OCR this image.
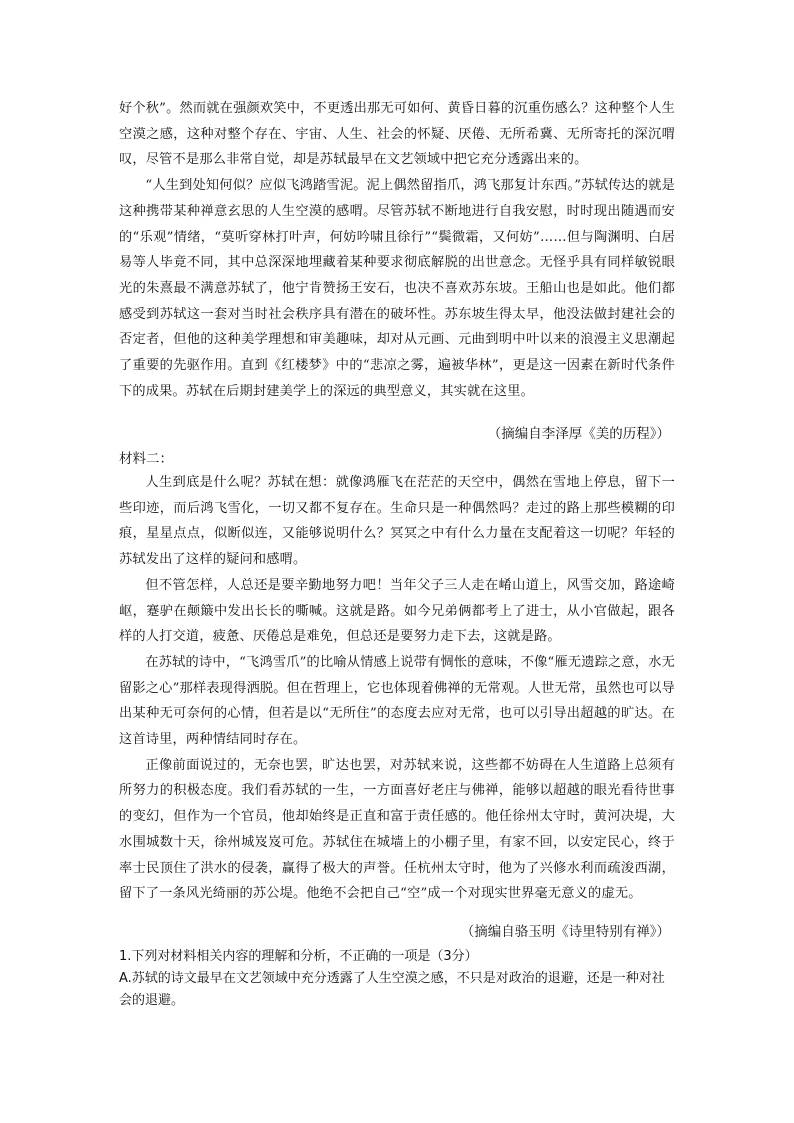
好个秋”。然而就在强颜欢笑中，不更透出那无可如何、黄昏日暮的沉重伤感么？这种整个人生空漠之感，这种对整个存在、宇宙、人生、社会的怀疑、厌倦、无所希冀、无所寄托的深沉喟叹，尽管不是那么非常自觉，却是苏轼最早在文艺领域中把它充分透露出来的。

“人生到处知何似？应似飞鸿踏雪泥。泥上偶然留指爪，鸿飞那复计东西。”苏轼传达的就是这种携带某种禅意玄思的人生空漠的感喟。尽管苏轼不断地进行自我安慰，时时现出随遇而安的“乐观”情绪，“莫听穿林打叶声，何妨吟啸且徐行”“鬓微霜，又何妨”……但与陶渊明、白居易等人毕竟不同，其中总深深地埋藏着某种要求彻底解脱的出世意念。无怪乎具有同样敏锐眼光的朱熹最不满意苏轼了，他宁肯赞扬王安石，也决不喜欢苏东坡。王船山也是如此。他们都感受到苏轼这一套对当时社会秩序具有潜在的破坏性。苏东坡生得太早，他没法做封建社会的否定者，但他的这种美学理想和审美趣味，却对从元画、元曲到明中叶以来的浪漫主义思潮起了重要的先驱作用。直到《红楼梦》中的“悲凉之雾，遍被华林”，更是这一因素在新时代条件下的成果。苏轼在后期封建美学上的深远的典型意义，其实就在这里。

（摘编自李泽厚《美的历程》）
材料二：

人生到底是什么呢？苏轼在想：就像鸿雁飞在茫茫的天空中，偶然在雪地上停息，留下一些印迹，而后鸿飞雪化，一切又都不复存在。生命只是一种偶然吗？走过的路上那些模糊的印痕，星星点点，似断似连，又能够说明什么？冥冥之中有什么力量在支配着这一切呢？年轻的苏轼发出了这样的疑问和感喟。

但不管怎样，人总还是要辛勤地努力吧！当年父子三人走在崤山道上，风雪交加，路途崎岖，蹇驴在颠簸中发出长长的嘶喊。这就是路。如今兄弟俩都考上了进士，从小官做起，跟各样的人打交道，疲惫、厌倦总是难免，但总还是要努力走下去，这就是路。

在苏轼的诗中，“飞鸿雪爪”的比喻从情感上说带有惆怅的意味，不像“雁无遗踪之意，水无留影之心”那样表现得洒脱。但在哲理上，它也体现着佛禅的无常观。人世无常，虽然也可以导出某种无可奈何的心情，但若是以“无所住”的态度去应对无常，也可以引导出超越的旷达。在这首诗里，两种情结同时存在。

正像前面说过的，无奈也罢，旷达也罢，对苏轼来说，这些都不妨碍在人生道路上总须有所努力的积极态度。我们看苏轼的一生，一方面喜好老庄与佛禅，能够以超越的眼光看待世事的变幻，但作为一个官员，他却始终是正直和富于责任感的。他任徐州太守时，黄河决堤，大水围城数十天，徐州城岌岌可危。苏轼住在城墙上的小棚子里，有家不回，以安定民心，终于率士民顶住了洪水的侵袭，赢得了极大的声誉。任杭州太守时，他为了兴修水利而疏浚西湖，留下了一条风光绮丽的苏公堤。他绝不会把自己“空”成一个对现实世界毫无意义的虚无。

（摘编自骆玉明《诗里特别有禅》）

1.下列对材料相关内容的理解和分析，不正确的一项是（3分）

A.苏轼的诗文最早在文艺领域中充分透露了人生空漠之感，不只是对政治的退避，还是一种对社会的退避。
